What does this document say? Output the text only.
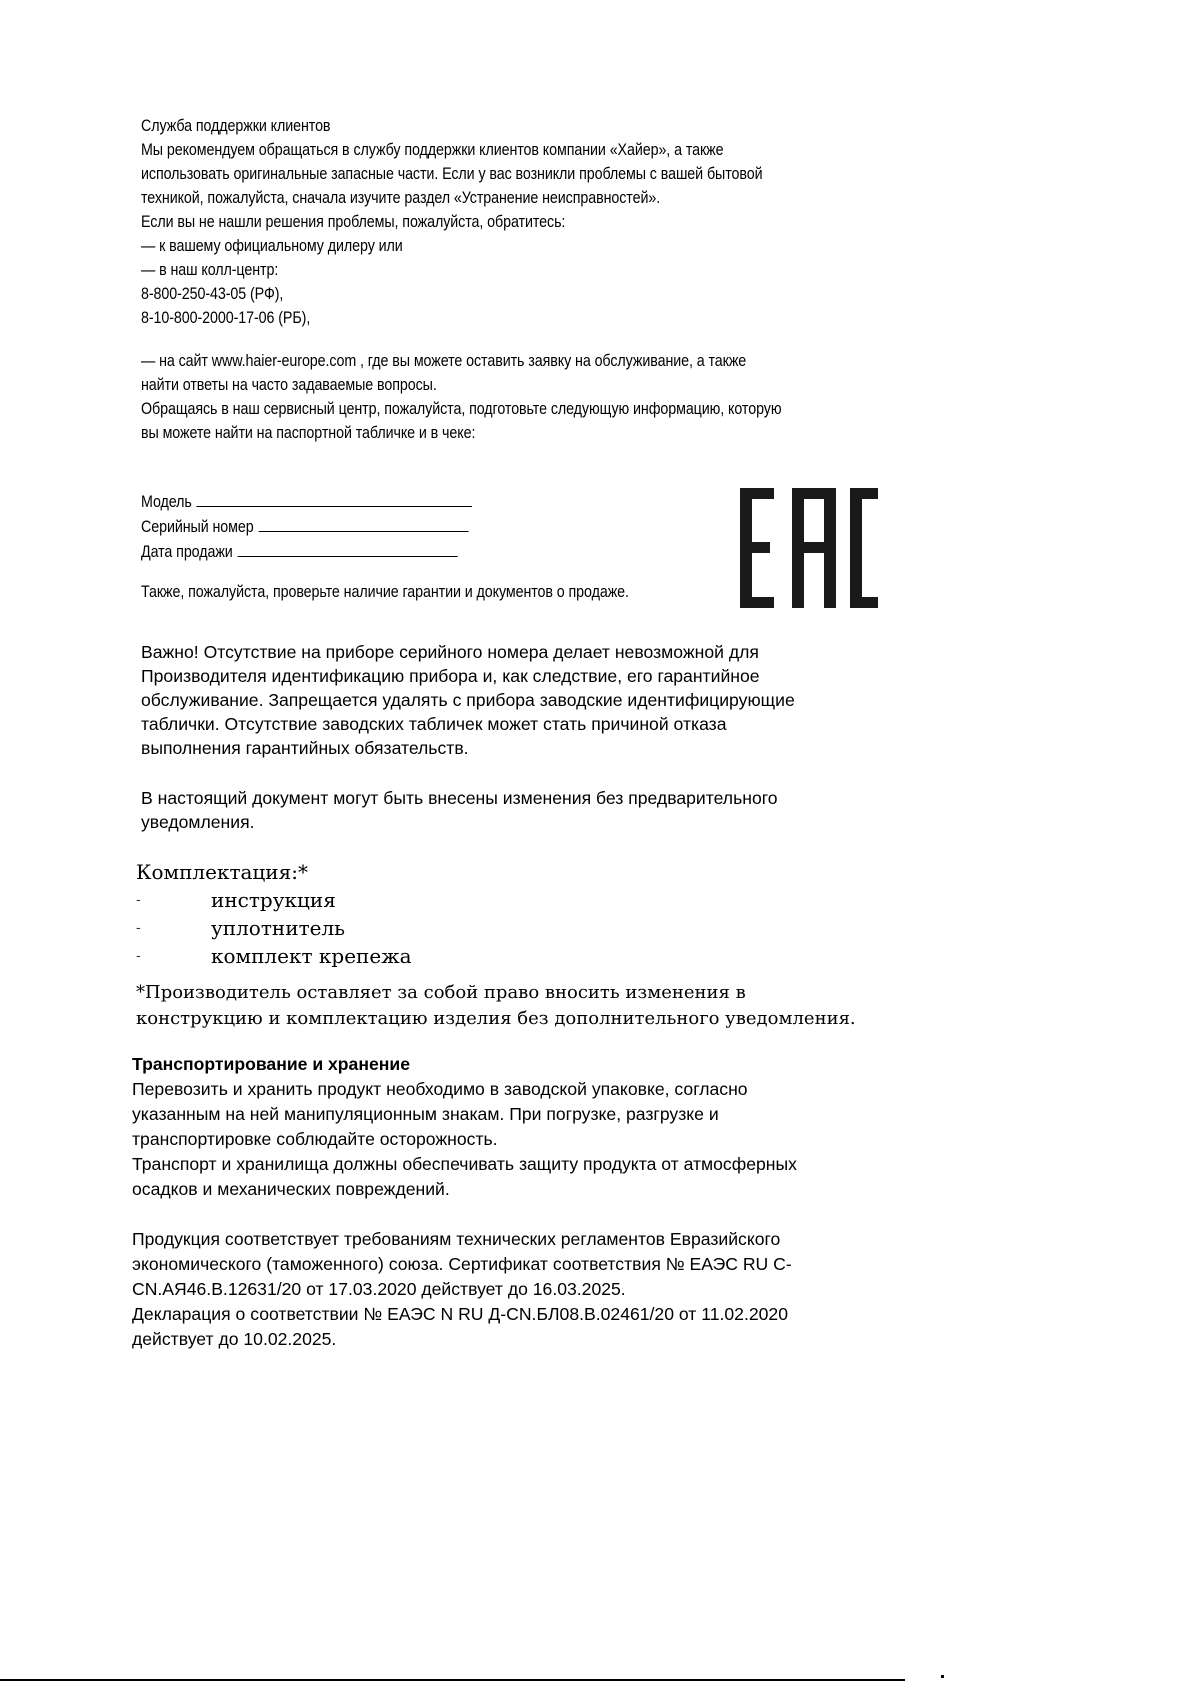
Служба поддержки клиентов
Мы рекомендуем обращаться в службу поддержки клиентов компании «Хайер», а также
использовать оригинальные запасные части. Если у вас возникли проблемы с вашей бытовой
техникой, пожалуйста, сначала изучите раздел «Устранение неисправностей».
Если вы не нашли решения проблемы, пожалуйста, обратитесь:
— к вашему официальному дилеру или
— в наш колл-центр:
8-800-250-43-05 (РФ),
8-10-800-2000-17-06 (РБ),
— на сайт www.haier-europe.com , где вы можете оставить заявку на обслуживание, а также
найти ответы на часто задаваемые вопросы.
Обращаясь в наш сервисный центр, пожалуйста, подготовьте следующую информацию, которую
вы можете найти на паспортной табличке и в чеке:
Модель
Серийный номер
Дата продажи
Также, пожалуйста, проверьте наличие гарантии и документов о продаже.
Важно! Отсутствие на приборе серийного номера делает невозможной для
Производителя идентификацию прибора и, как следствие, его гарантийное
обслуживание. Запрещается удалять с прибора заводские идентифицирующие
таблички. Отсутствие заводских табличек может стать причиной отказа
выполнения гарантийных обязательств.
В настоящий документ могут быть внесены изменения без предварительного
уведомления.
Комплектация:*
-	инструкция
-	уплотнитель
-	комплект крепежа
*Производитель оставляет за собой право вносить изменения в
конструкцию и комплектацию изделия без дополнительного уведомления.
Транспортирование и хранение
Перевозить и хранить продукт необходимо в заводской упаковке, согласно
указанным на ней манипуляционным знакам. При погрузке, разгрузке и
транспортировке соблюдайте осторожность.
Транспорт и хранилища должны обеспечивать защиту продукта от атмосферных
осадков и механических повреждений.
Продукция соответствует требованиям технических регламентов Евразийского
экономического (таможенного) союза. Сертификат соответствия № ЕАЭС RU C-
CN.АЯ46.В.12631/20 от 17.03.2020 действует до 16.03.2025.
Декларация о соответствии № ЕАЭС N RU Д-CN.БЛ08.В.02461/20 от 11.02.2020
действует до 10.02.2025.
